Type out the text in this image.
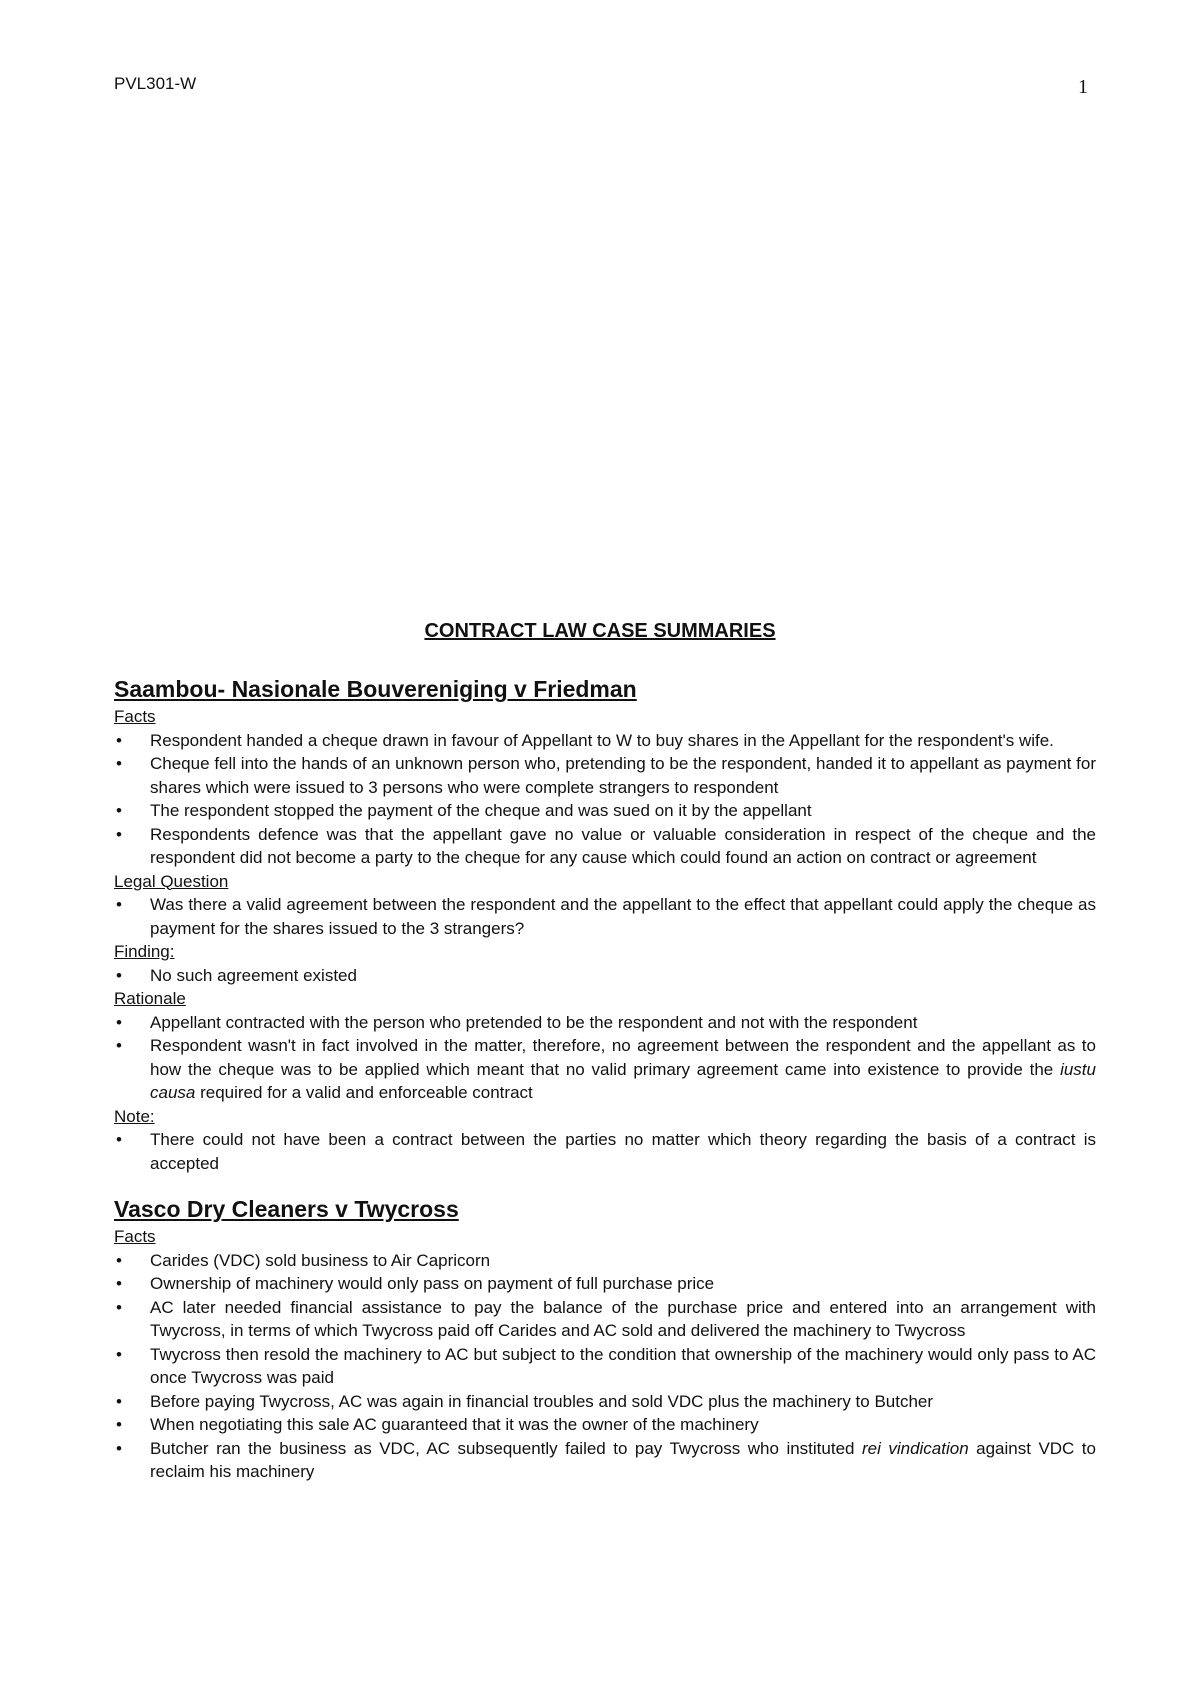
PVL301-W	1
CONTRACT LAW CASE SUMMARIES
Saambou- Nasionale Bouvereniging v Friedman
Facts
• Respondent handed a cheque drawn in favour of Appellant to W to buy shares in the Appellant for the respondent's wife.
• Cheque fell into the hands of an unknown person who, pretending to be the respondent, handed it to appellant as payment for shares which were issued to 3 persons who were complete strangers to respondent
• The respondent stopped the payment of the cheque and was sued on it by the appellant
• Respondents defence was that the appellant gave no value or valuable consideration in respect of the cheque and the respondent did not become a party to the cheque for any cause which could found an action on contract or agreement
Legal Question
• Was there a valid agreement between the respondent and the appellant to the effect that appellant could apply the cheque as payment for the shares issued to the 3 strangers?
Finding:
• No such agreement existed
Rationale
• Appellant contracted with the person who pretended to be the respondent and not with the respondent
• Respondent wasn't in fact involved in the matter, therefore, no agreement between the respondent and the appellant as to how the cheque was to be applied which meant that no valid primary agreement came into existence to provide the iustu causa required for a valid and enforceable contract
Note:
• There could not have been a contract between the parties no matter which theory regarding the basis of a contract is accepted
Vasco Dry Cleaners v Twycross
Facts
• Carides (VDC) sold business to Air Capricorn
• Ownership of machinery would only pass on payment of full purchase price
• AC later needed financial assistance to pay the balance of the purchase price and entered into an arrangement with Twycross, in terms of which Twycross paid off Carides and AC sold and delivered the machinery to Twycross
• Twycross then resold the machinery to AC but subject to the condition that ownership of the machinery would only pass to AC once Twycross was paid
• Before paying Twycross, AC was again in financial troubles and sold VDC plus the machinery to Butcher
• When negotiating this sale AC guaranteed that it was the owner of the machinery
• Butcher ran the business as VDC, AC subsequently failed to pay Twycross who instituted rei vindication against VDC to reclaim his machinery
